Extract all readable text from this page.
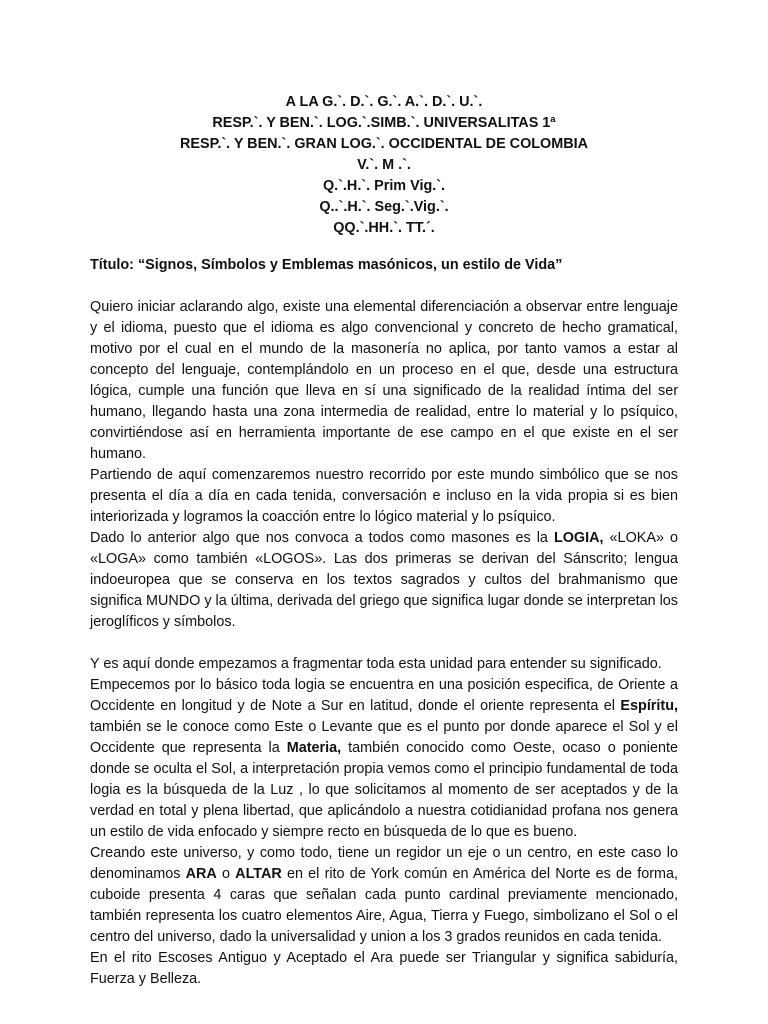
A LA G.`. D.`. G.`. A.`. D.`. U.`.
RESP.`. Y BEN.`. LOG.`.SIMB.`. UNIVERSALITAS 1ª
RESP.`. Y BEN.`. GRAN LOG.`. OCCIDENTAL DE COLOMBIA
V.`. M .`.
Q.`.H.`. Prim Vig.`.
Q..`.H.`. Seg.`.Vig.`.
QQ.`.HH.`. TT.´.

Título: “Signos, Símbolos y Emblemas masónicos, un estilo de Vida”

Quiero iniciar aclarando algo, existe una elemental diferenciación a observar entre lenguaje y el idioma, puesto que el idioma es algo convencional y concreto de hecho gramatical, motivo por el cual en el mundo de la masonería no aplica, por tanto vamos a estar al concepto del lenguaje, contemplándolo en un proceso en el que, desde una estructura lógica, cumple una función que lleva en sí una significado de la realidad íntima del ser humano, llegando hasta una zona intermedia de realidad, entre lo material y lo psíquico, convirtiéndose así en herramienta importante de ese campo en el que existe en el ser humano.

Partiendo de aquí comenzaremos nuestro recorrido por este mundo simbólico que se nos presenta el día a día en cada tenida, conversación e incluso en la vida propia si es bien interiorizada y logramos la coacción entre lo lógico material y lo psíquico.

Dado lo anterior algo que nos convoca a todos como masones es la LOGIA, «LOKA» o «LOGA» como también «LOGOS». Las dos primeras se derivan del Sánscrito; lengua indoeuropea que se conserva en los textos sagrados y cultos del brahmanismo que significa MUNDO y la última, derivada del griego que significa lugar donde se interpretan los jeroglíficos y símbolos.

Y es aquí donde empezamos a fragmentar toda esta unidad para entender su significado.

Empecemos por lo básico toda logia se encuentra en una posición especifica, de Oriente a Occidente en longitud y de Note a Sur en latitud, donde el oriente representa el Espíritu, también se le conoce como Este o Levante que es el punto por donde aparece el Sol y el Occidente que representa la Materia, también conocido como Oeste, ocaso o poniente donde se oculta el Sol, a interpretación propia vemos como el principio fundamental de toda logia es la búsqueda de la Luz , lo que solicitamos al momento de ser aceptados y de la verdad en total y plena libertad, que aplicándolo a nuestra cotidianidad profana nos genera un estilo de vida enfocado y siempre recto en búsqueda de lo que es bueno.

Creando este universo, y como todo, tiene un regidor un eje o un centro, en este caso lo denominamos ARA o ALTAR en el rito de York común en América del Norte es de forma, cuboide presenta 4 caras que señalan cada punto cardinal previamente mencionado, también representa los cuatro elementos Aire, Agua, Tierra y Fuego, simbolizano el Sol o el centro del universo, dado la universalidad y union a los 3 grados reunidos en cada tenida.

En el rito Escoses Antiguo y Aceptado el Ara puede ser Triangular y significa sabiduría, Fuerza y Belleza.
